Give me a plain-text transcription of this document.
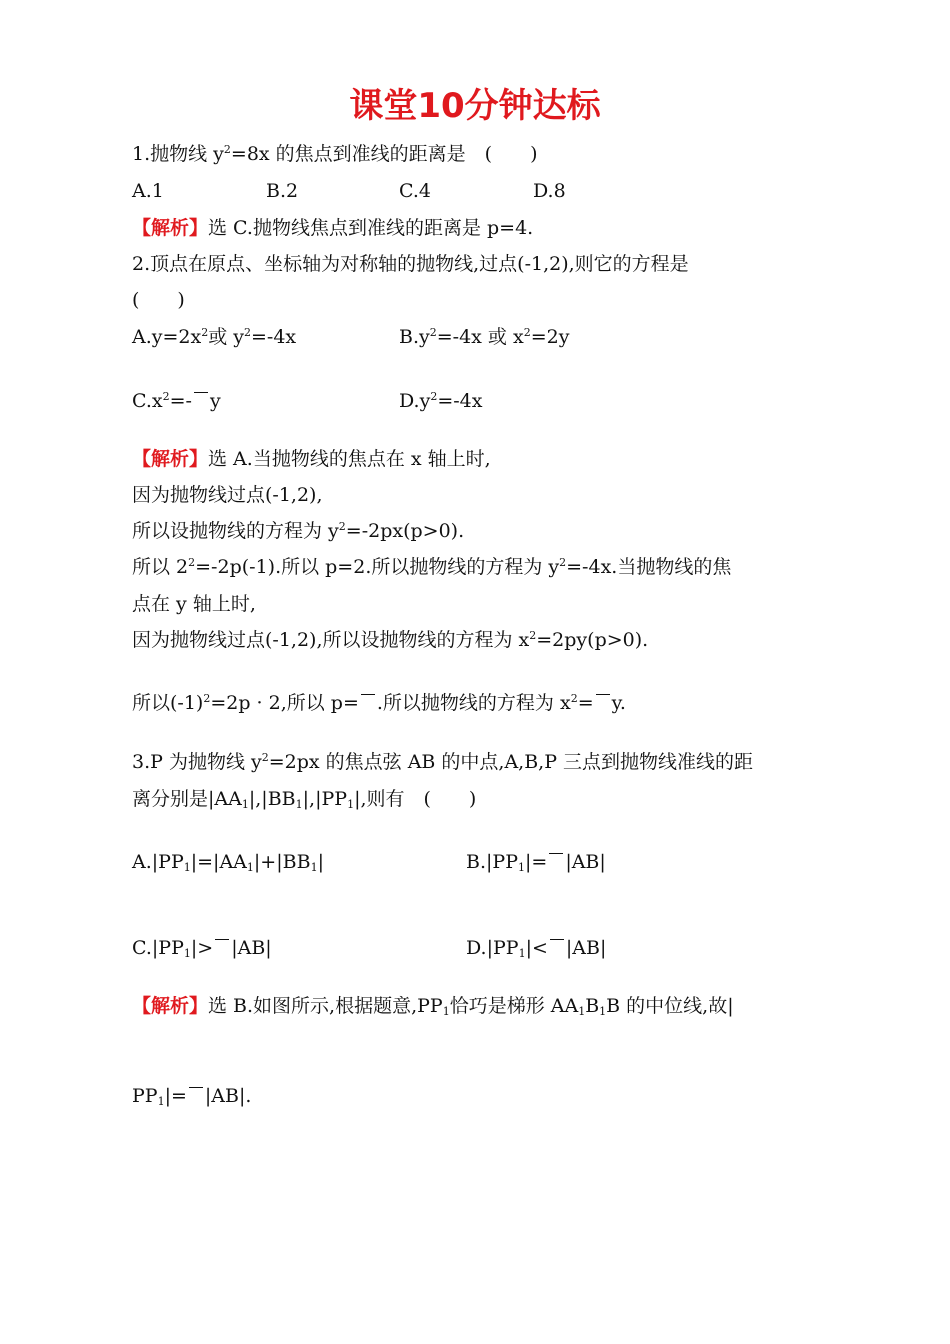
课堂10分钟达标
1.抛物线 $y^2=8x$ 的焦点到准线的距离是　(　　)
A.1	B.2	C.4	D.8
【解析】选 C.抛物线焦点到准线的距离是 p=4.
2.顶点在原点、坐标轴为对称轴的抛物线,过点(-1,2),则它的方程是
(　　)
$A.y=2x^2$或 $y^2=-4x$	$B.y^2=-4x$ 或 $x^2=2y$
$C.x^2=-$ y	$D.y^2=-4x$
【解析】选 A.当抛物线的焦点在 x 轴上时,
因为抛物线过点(-1,2),
所以设抛物线的方程为 $y^2=-2px(p>0)$.
所以 $2^2=-2p(-1)$.所以 p=2.所以抛物线的方程为 $y^2=-4x$.当抛物线的焦
点在 y 轴上时,
因为抛物线过点(-1,2),所以设抛物线的方程为 $x^2=2py(p>0)$.
所以$(-1)^2=2p \cdot 2$,所以 p= .所以抛物线的方程为 $x^2= y$.
3.P 为抛物线 $y^2=2px$ 的焦点弦 AB 的中点,A,B,P 三点到抛物线准线的距
离分别是$|AA_1|,|BB_1|,|PP_1|$,则有　(　　)
$A.|PP_1|=|AA_1|+|BB_1|$	$B.|PP_1|= |AB|$
$C.|PP_1|> |AB|$	$D.|PP_1|< |AB|$
【解析】选 B.如图所示,根据题意$,PP_1$恰巧是梯形 $AA_1B_1B$ 的中位线,故|
$PP_1|= |AB|$.
